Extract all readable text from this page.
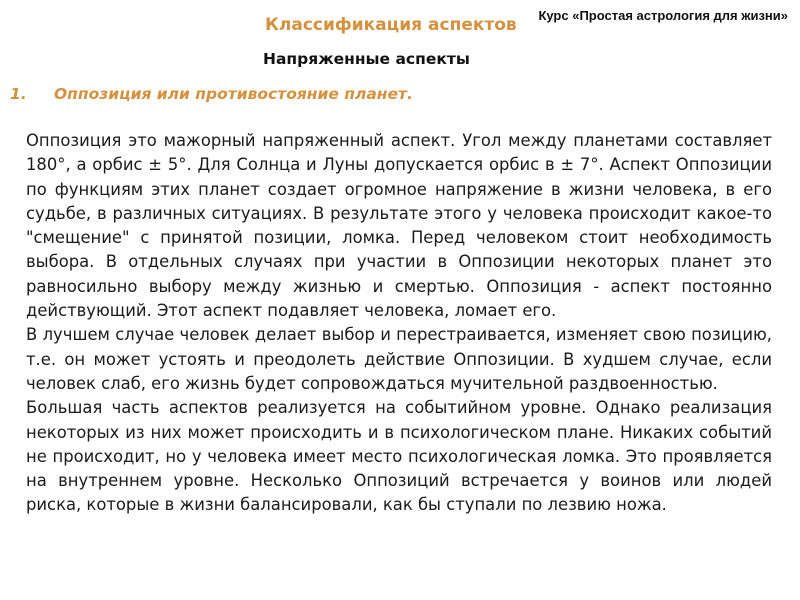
Курс «Простая астрология для жизни»
Классификация аспектов
Напряженные аспекты
1. Оппозиция или противостояние планет.

Оппозиция это мажорный напряженный аспект. Угол между планетами составляет 180°, а орбис ± 5°. Для Солнца и Луны допускается орбис в ± 7°. Аспект Оппозиции по функциям этих планет создает огромное напряжение в жизни человека, в его судьбе, в различных ситуациях. В результате этого у человека происходит какое-то "смещение" с принятой позиции, ломка. Перед человеком стоит необходимость выбора. В отдельных случаях при участии в Оппозиции некоторых планет это равносильно выбору между жизнью и смертью. Оппозиция - аспект постоянно действующий. Этот аспект подавляет человека, ломает его.

В лучшем случае человек делает выбор и перестраивается, изменяет свою позицию, т.е. он может устоять и преодолеть действие Оппозиции. В худшем случае, если человек слаб, его жизнь будет сопровождаться мучительной раздвоенностью.

Большая часть аспектов реализуется на событийном уровне. Однако реализация некоторых из них может происходить и в психологическом плане. Никаких событий не происходит, но у человека имеет место психологическая ломка. Это проявляется на внутреннем уровне. Несколько Оппозиций встречается у воинов или людей риска, которые в жизни балансировали, как бы ступали по лезвию ножа.
